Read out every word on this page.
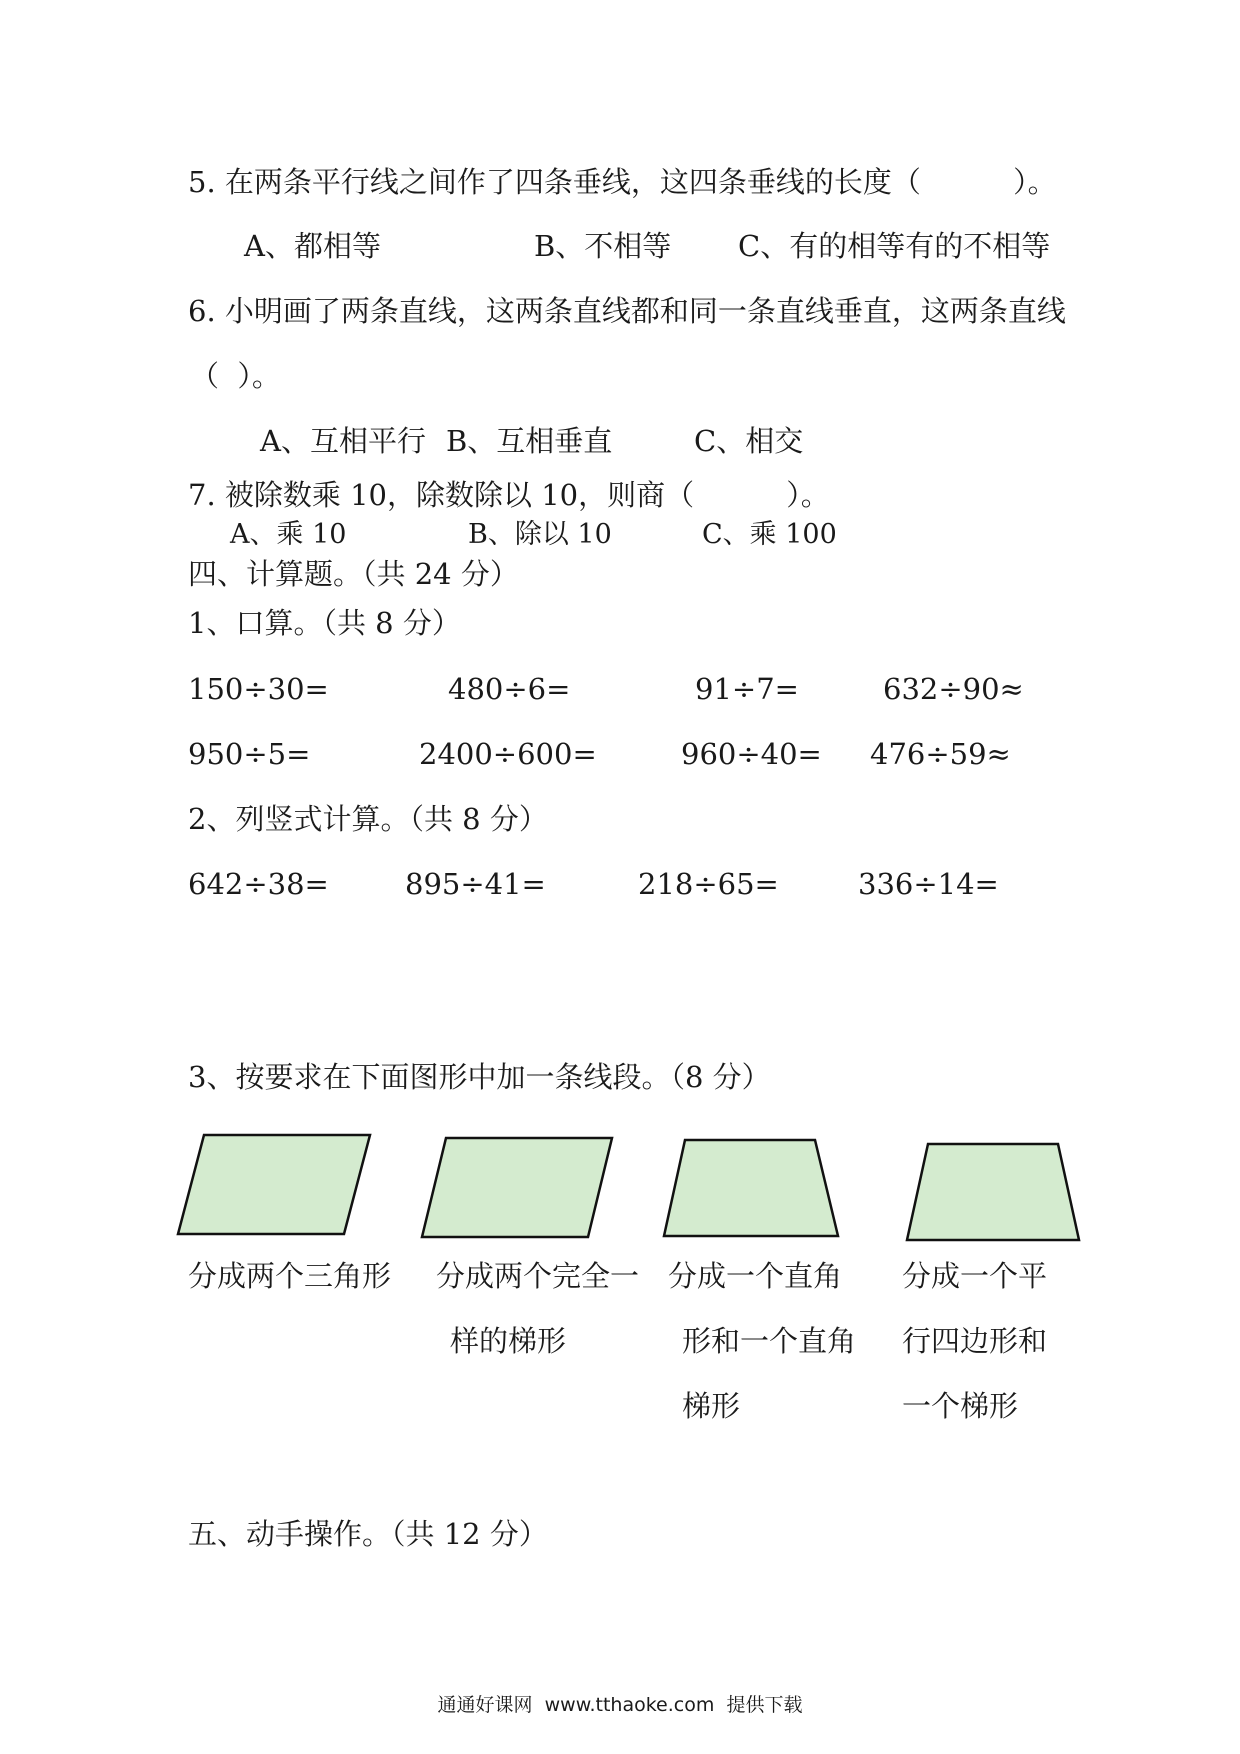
5. 在两条平行线之间作了四条垂线，这四条垂线的长度（          ）。
A、都相等	B、不相等 C、有的相等有的不相等
6. 小明画了两条直线，这两条直线都和同一条直线垂直，这两条直线
（  ）。
A、互相平行 B、互相垂直	C、相交
7. 被除数乘 10，除数除以 10，则商（          ）。
A、乘 10	B、除以 10	C、乘 100
四、计算题。（共 24 分）
1、口算。（共 8 分）
150÷30=	480÷6=	91÷7=	632÷90≈
950÷5=	2400÷600=	960÷40= 476÷59≈
2、列竖式计算。（共 8 分）
642÷38=	895÷41=	218÷65=	336÷14=
3、按要求在下面图形中加一条线段。（8 分）
分成两个三角形 分成两个完全一
样的梯形
分成一个直角
形和一个直角
梯形
分成一个平
行四边形和
一个梯形
五、动手操作。（共 12 分）
通通好课网  www.tthaoke.com  提供下载
